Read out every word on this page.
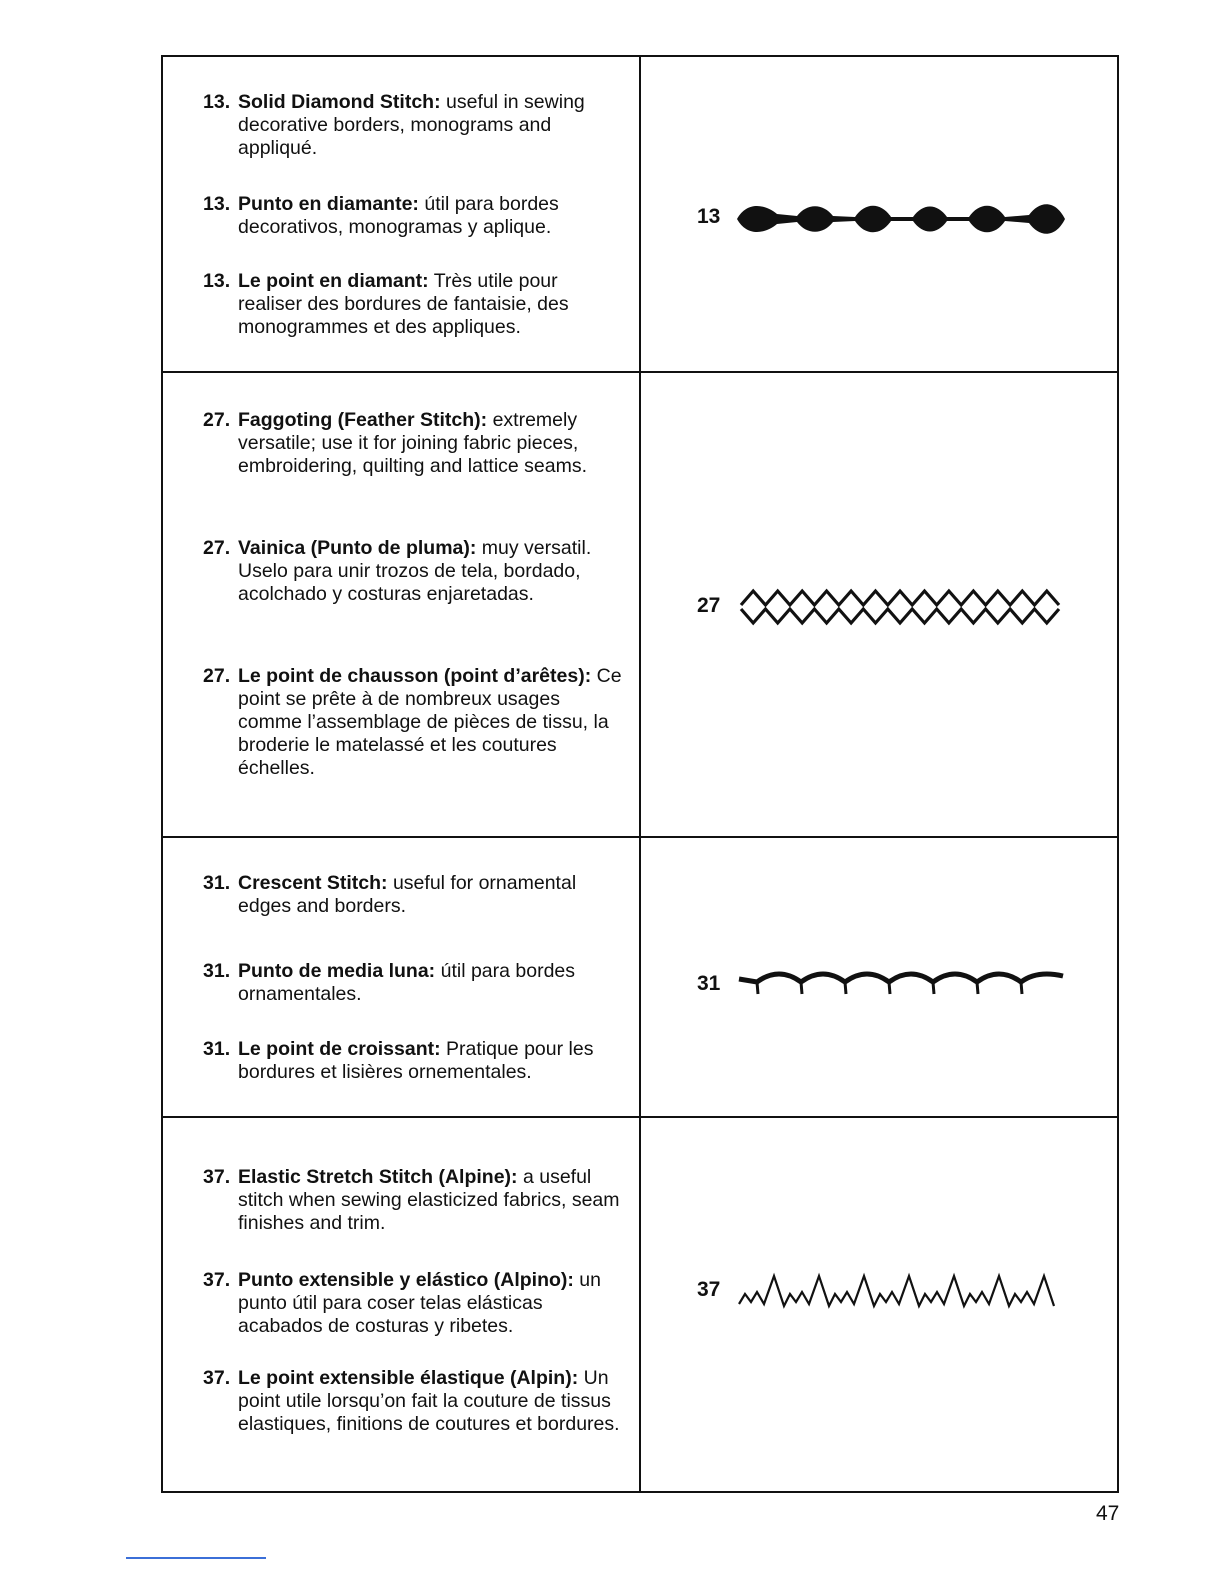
13. Solid Diamond Stitch: useful in sewing decorative borders, monograms and appliqué.
13. Punto en diamante: útil para bordes decorativos, monogramas y aplique.
13. Le point en diamant: Très utile pour realiser des bordures de fantaisie, des monogrammes et des appliques.
13
27. Faggoting (Feather Stitch): extremely versatile; use it for joining fabric pieces, embroidering, quilting and lattice seams.
27. Vainica (Punto de pluma): muy versatil. Uselo para unir trozos de tela, bordado, acolchado y costuras enjaretadas.
27. Le point de chausson (point d’arêtes): Ce point se prête à de nombreux usages comme l’assemblage de pièces de tissu, la broderie le matelassé et les coutures échelles.
27
31. Crescent Stitch: useful for ornamental edges and borders.
31. Punto de media luna: útil para bordes ornamentales.
31. Le point de croissant: Pratique pour les bordures et lisières ornementales.
31
37. Elastic Stretch Stitch (Alpine): a useful stitch when sewing elasticized fabrics, seam finishes and trim.
37. Punto extensible y elástico (Alpino): un punto útil para coser telas elásticas acabados de costuras y ribetes.
37. Le point extensible élastique (Alpin): Un point utile lorsqu’on fait la couture de tissus elastiques, finitions de coutures et bordures.
37
47
